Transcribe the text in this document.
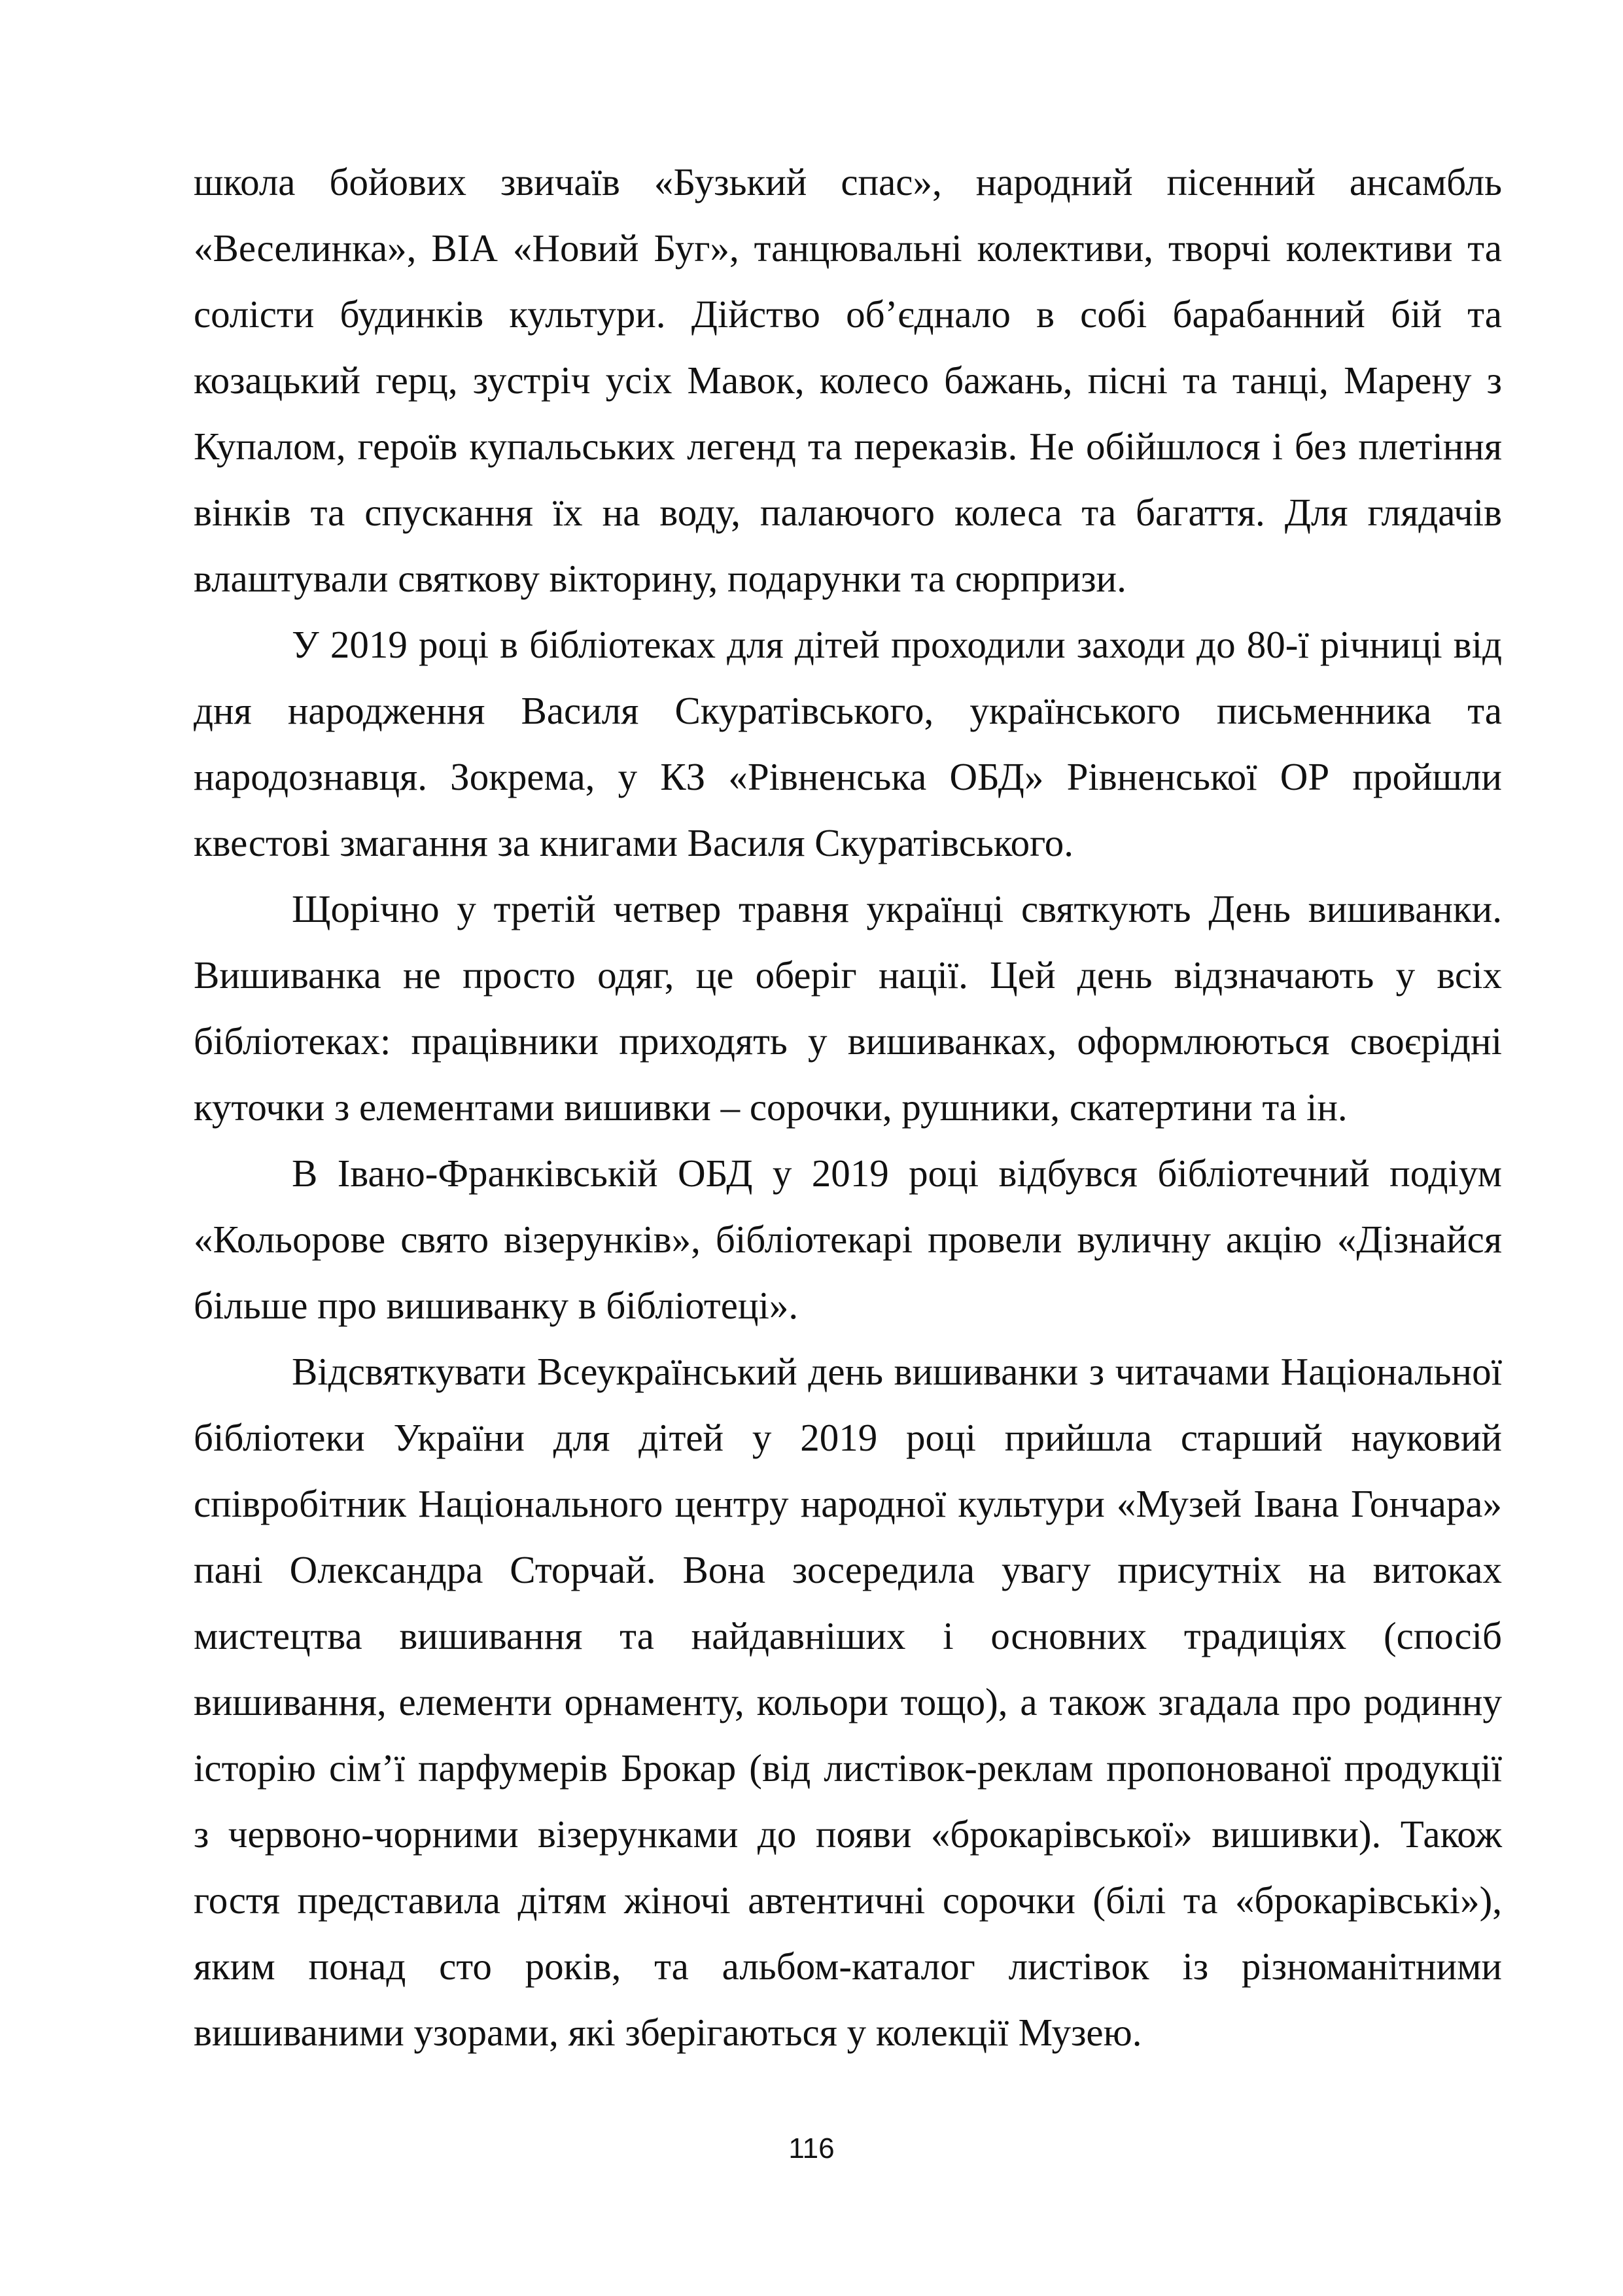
школа бойових звичаїв «Бузький спас», народний пісенний ансамбль «Веселинка», ВІА «Новий Буг», танцювальні колективи, творчі колективи та солісти будинків культури. Дійство об’єднало в собі барабанний бій та козацький герц, зустріч усіх Мавок, колесо бажань, пісні та танці, Марену з Купалом, героїв купальських легенд та переказів. Не обійшлося і без плетіння вінків та спускання їх на воду, палаючого колеса та багаття. Для глядачів влаштували святкову вікторину, подарунки та сюрпризи.

У 2019 році в бібліотеках для дітей проходили заходи до 80-ї річниці від дня народження Василя Скуратівського, українського письменника та народознавця. Зокрема, у КЗ «Рівненська ОБД» Рівненської ОР пройшли квестові змагання за книгами Василя Скуратівського.

Щорічно у третій четвер травня українці святкують День вишиванки. Вишиванка не просто одяг, це оберіг нації. Цей день відзначають у всіх бібліотеках: працівники приходять у вишиванках, оформлюються своєрідні куточки з елементами вишивки – сорочки, рушники, скатертини та ін.

В Івано-Франківській ОБД у 2019 році відбувся бібліотечний подіум «Кольорове свято візерунків», бібліотекарі провели вуличну акцію «Дізнайся більше про вишиванку в бібліотеці».

Відсвяткувати Всеукраїнський день вишиванки з читачами Національної бібліотеки України для дітей у 2019 році прийшла старший науковий співробітник Національного центру народної культури «Музей Івана Гончара» пані Олександра Сторчай. Вона зосередила увагу присутніх на витоках мистецтва вишивання та найдавніших і основних традиціях (спосіб вишивання, елементи орнаменту, кольори тощо), а також згадала про родинну історію сім’ї парфумерів Брокар (від листівок-реклам пропонованої продукції з червоно-чорними візерунками до появи «брокарівської» вишивки). Також гостя представила дітям жіночі автентичні сорочки (білі та «брокарівські»), яким понад сто років, та альбом-каталог листівок із різноманітними вишиваними узорами, які зберігаються у колекції Музею.

116
